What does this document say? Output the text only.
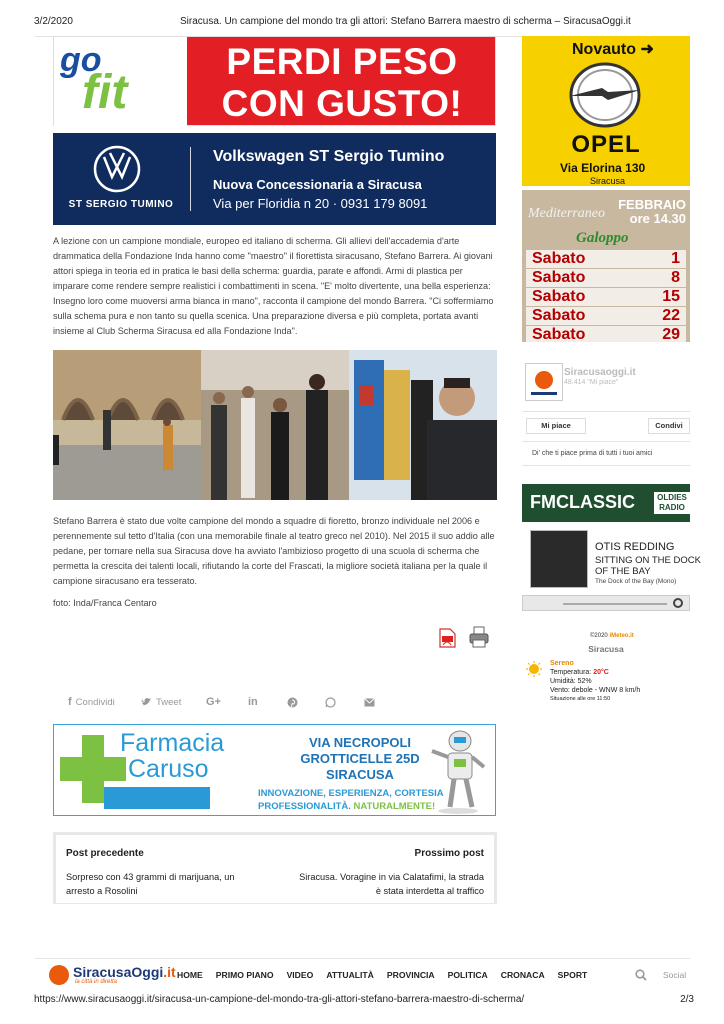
3/2/2020	Siracusa. Un campione del mondo tra gli attori: Stefano Barrera maestro di scherma – SiracusaOggi.it
go
fit
PERDI PESO
CON GUSTO!
ST SERGIO TUMINO
Volkswagen ST Sergio Tumino
Nuova Concessionaria a Siracusa
Via per Floridia n 20 · 0931 179 8091
Novauto ➜
OPEL
Via Elorina 130
Siracusa
Mediterraneo
Galoppo
FEBBRAIO
ore 14.30
Sabato	1
Sabato	8
Sabato	15
Sabato	22
Sabato	29

A lezione con un campione mondiale, europeo ed italiano di scherma. Gli allievi dell'accademia d'arte drammatica della Fondazione Inda hanno come "maestro" il fiorettista siracusano, Stefano Barrera. Ai giovani attori spiega in teoria ed in pratica le basi della scherma: guardia, parate e affondi. Armi di plastica per imparare come rendere sempre realistici i combattimenti in scena. "E' molto divertente, una bella esperienza: Insegno loro come muoversi arma bianca in mano", racconta il campione del mondo Barrera. "Ci soffermiamo sulla schema pura e non tanto su quella scenica. Una preparazione diversa e più completa, portata avanti insieme al Club Scherma Siracusa ed alla Fondazione Inda".

Stefano Barrera è stato due volte campione del mondo a squadre di fioretto, bronzo individuale nel 2006 e perennemente sul tetto d'Italia (con una memorabile finale al teatro greco nel 2010). Nel 2015 il suo addio alle pedane, per tornare nella sua Siracusa dove ha avviato l'ambizioso progetto di una scuola di scherma che permetta la crescita dei talenti locali, rifiutando la corte del Frascati, la migliore società italiana per la quale il campione siracusano era tesserato.

foto: Inda/Franca Centaro
f Condividi	Tweet G+ in
Farmacia
Caruso
VIA NECROPOLI GROTTICELLE 25D SIRACUSA
INNOVAZIONE, ESPERIENZA, CORTESIA
PROFESSIONALITÀ. NATURALMENTE!
Post precedente
Sorpreso con 43 grammi di marijuana, un arresto a Rosolini
Prossimo post
Siracusa. Voragine in via Calatafimi, la strada è stata interdetta al traffico
Siracusaoggi.it
48.414 "Mi piace"
Mi piace	Condivi
Di' che ti piace prima di tutti i tuoi amici
FMCLASSIC	OLDIES RADIO
OTIS REDDING
SITTING ON THE DOCK
OF THE BAY
The Dock of the Bay (Mono)
©2020 iMeteo.it
Siracusa
Sereno
Temperatura: 20°C
Umidità: 52%
Vento: debole - WNW 8 km/h
Situazione alle ore 11:50
SiracusaOggi.it
la città in diretta
HOME PRIMO PIANO VIDEO ATTUALITÀ PROVINCIA POLITICA CRONACA SPORT	Social
https://www.siracusaoggi.it/siracusa-un-campione-del-mondo-tra-gli-attori-stefano-barrera-maestro-di-scherma/	2/3
